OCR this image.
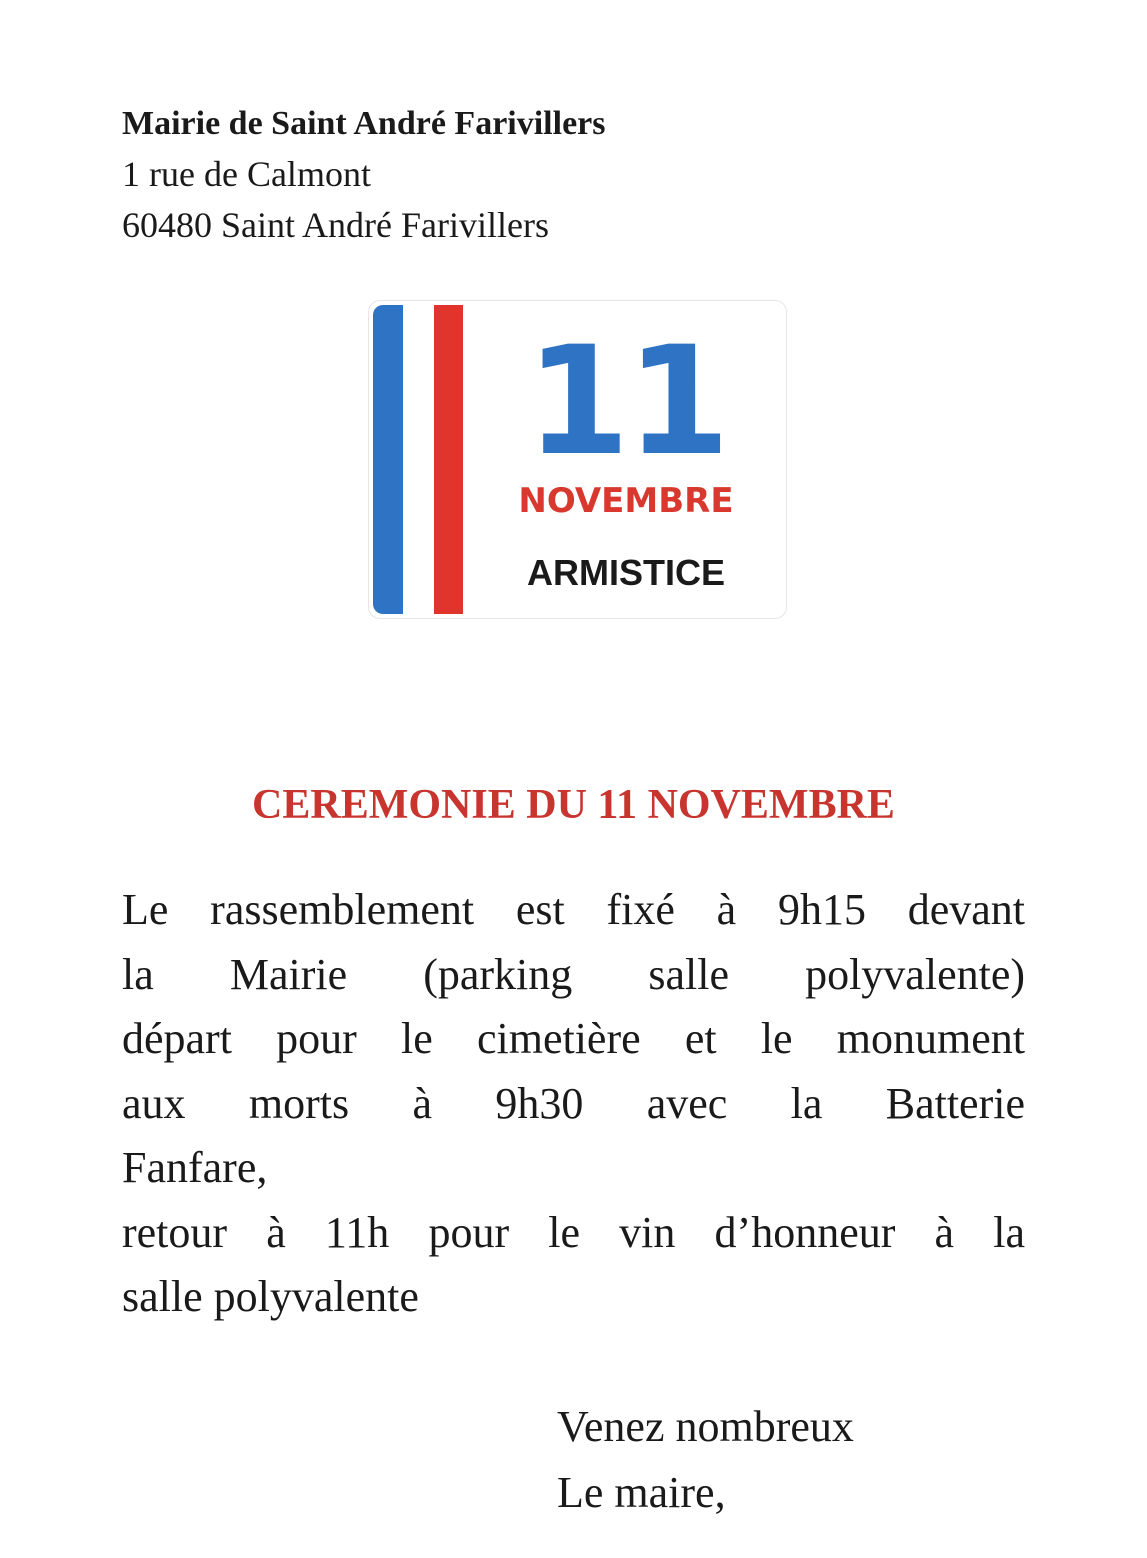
Mairie de Saint André Farivillers
1 rue de Calmont
60480 Saint André Farivillers
11
NOVEMBRE
ARMISTICE
CEREMONIE DU 11 NOVEMBRE
Le rassemblement est fixé à 9h15 devant
la Mairie (parking salle polyvalente)
départ pour le cimetière et le monument
aux morts à 9h30 avec la Batterie
Fanfare,
retour à 11h pour le vin d’honneur à la
salle polyvalente
Venez nombreux
Le maire,
